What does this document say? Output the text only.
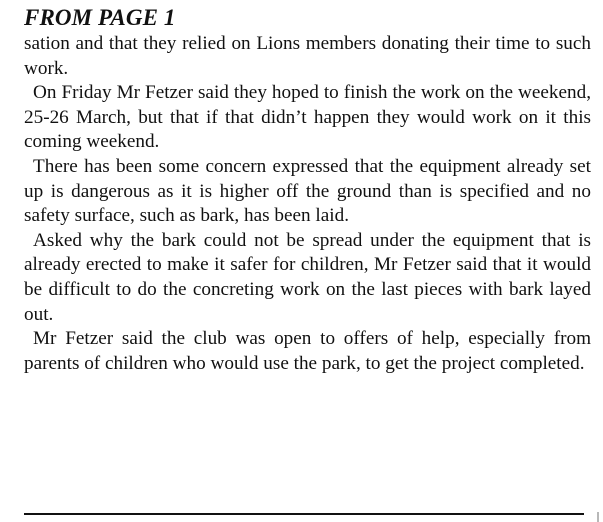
FROM PAGE 1

sation and that they relied on Lions members donating their time to such work.

On Friday Mr Fetzer said they hoped to finish the work on the weekend, 25-26 March, but that if that didn’t happen they would work on it this coming weekend.

There has been some concern expressed that the equipment already set up is dangerous as it is higher off the ground than is specified and no safety surface, such as bark, has been laid.

Asked why the bark could not be spread under the equipment that is already erected to make it safer for children, Mr Fetzer said that it would be difficult to do the concreting work on the last pieces with bark layed out.

Mr Fetzer said the club was open to offers of help, especially from parents of children who would use the park, to get the project completed.
